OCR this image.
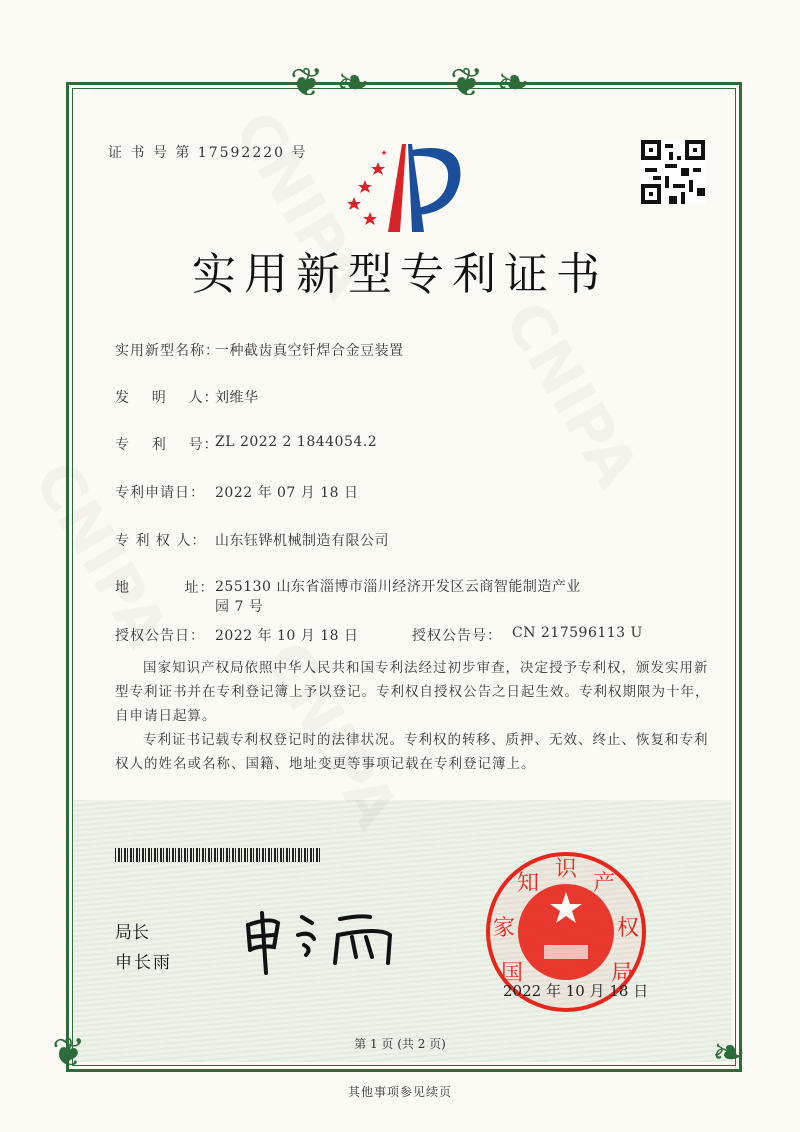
❦ ❧ ❦ ❧
❦	❧
证 书 号 第 17592220 号
实用新型专利证书
实用新型名称：
一种截齿真空钎焊合金豆装置
发    明    人：
刘维华
专    利    号：
ZL 2022 2 1844054.2
专利申请日： 2022 年 07 月 18 日
专 利 权 人： 山东钰铧机械制造有限公司
地          址： 255130 山东省淄博市淄川经济开发区云商智能制造产业
园 7 号
授权公告日： 2022 年 10 月 18 日	授权公告号： CN 217596113 U
国家知识产权局依照中华人民共和国专利法经过初步审查，决定授予专利权，颁发实用新型专利证书并在专利登记簿上予以登记。专利权自授权公告之日起生效。专利权期限为十年，自申请日起算。
专利证书记载专利权登记时的法律状况。专利权的转移、质押、无效、终止、恢复和专利权人的姓名或名称、国籍、地址变更等事项记载在专利登记簿上。
局长
申长雨	国
家
知
识
产
权
局
2022 年 10 月 18 日
第 1 页 (共 2 页)
其他事项参见续页
